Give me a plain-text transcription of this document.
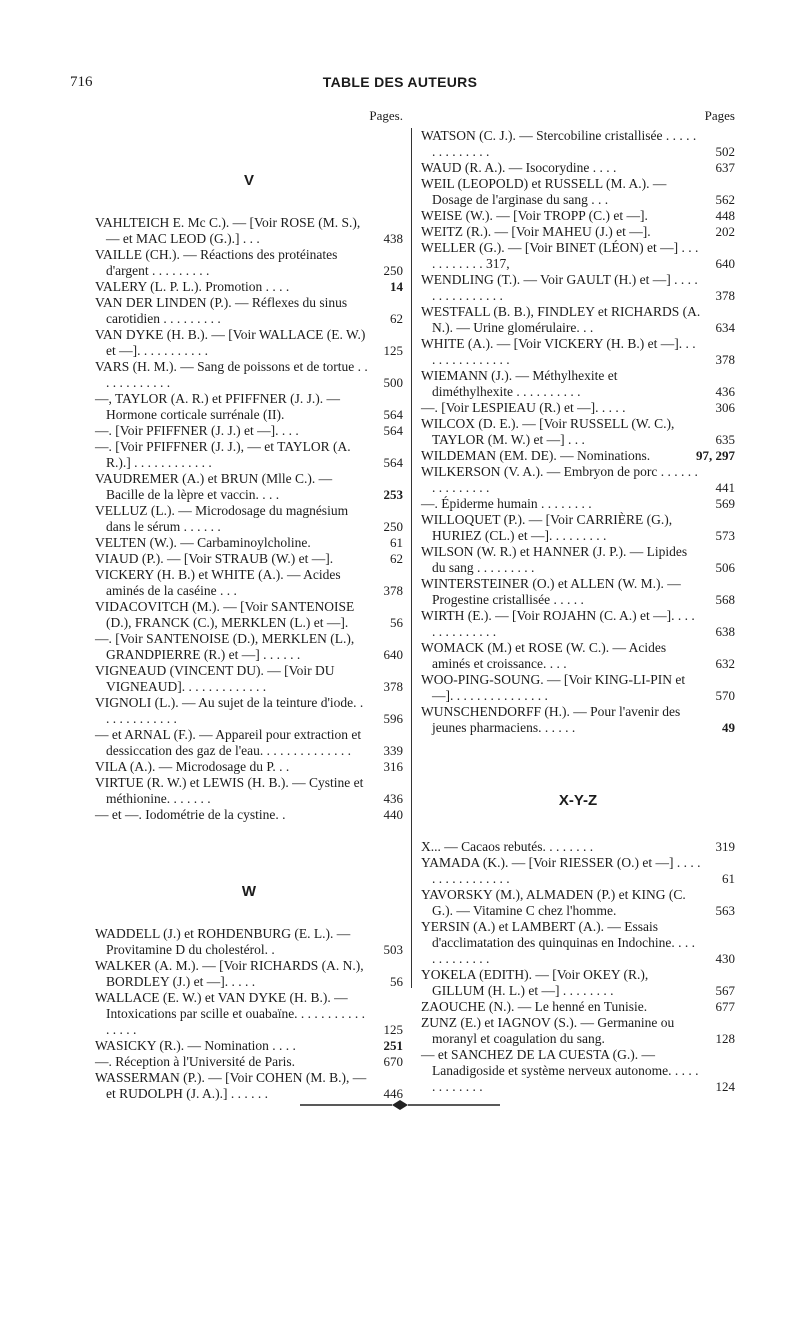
716	TABLE DES AUTEURS
Pages.
V
VAHLTEICH E. Mc C.). — [Voir ROSE (M. S.), — et MAC LEOD (G.).] . . .	438
VAILLE (CH.). — Réactions des protéinates d'argent . . . . . . . . .	250
VALERY (L. P. L.). Promotion . . . .	14
VAN DER LINDEN (P.). — Réflexes du sinus carotidien . . . . . . . . .	62
VAN DYKE (H. B.). — [Voir WALLACE (E. W.) et —]. . . . . . . . . . .	125
VARS (H. M.). — Sang de poissons et de tortue . . . . . . . . . . . .	500
—, TAYLOR (A. R.) et PFIFFNER (J. J.). — Hormone corticale surrénale (II).	564
—. [Voir PFIFFNER (J. J.) et —]. . . .	564
—. [Voir PFIFFNER (J. J.), — et TAYLOR (A. R.).] . . . . . . . . . . . .	564
VAUDREMER (A.) et BRUN (Mlle C.). — Bacille de la lèpre et vaccin. . . .	253
VELLUZ (L.). — Microdosage du magnésium dans le sérum . . . . . .	250
VELTEN (W.). — Carbaminoylcholine.	61
VIAUD (P.). — [Voir STRAUB (W.) et —].	62
VICKERY (H. B.) et WHITE (A.). — Acides aminés de la caséine . . .	378
VIDACOVITCH (M.). — [Voir SANTENOISE (D.), FRANCK (C.), MERKLEN (L.) et —].	56
—. [Voir SANTENOISE (D.), MERKLEN (L.), GRANDPIERRE (R.) et —] . . . . . .	640
VIGNEAUD (VINCENT DU). — [Voir DU VIGNEAUD]. . . . . . . . . . . . .	378
VIGNOLI (L.). — Au sujet de la teinture d'iode. . . . . . . . . . . . .	596
— et ARNAL (F.). — Appareil pour extraction et dessiccation des gaz de l'eau. . . . . . . . . . . . . .	339
VILA (A.). — Microdosage du P. . .	316
VIRTUE (R. W.) et LEWIS (H. B.). — Cystine et méthionine. . . . . . .	436
— et —. Iodométrie de la cystine. .	440
W
WADDELL (J.) et ROHDENBURG (E. L.). — Provitamine D du cholestérol. .	503
WALKER (A. M.). — [Voir RICHARDS (A. N.), BORDLEY (J.) et —]. . . . .	56
WALLACE (E. W.) et VAN DYKE (H. B.). — Intoxications par scille et ouabaïne. . . . . . . . . . . . . . . .	125
WASICKY (R.). — Nomination . . . .	251
—. Réception à l'Université de Paris.	670
WASSERMAN (P.). — [Voir COHEN (M. B.), — et RUDOLPH (J. A.).] . . . . . .	446
Pages
WATSON (C. J.). — Stercobiline cristallisée . . . . . . . . . . . . . .	502
WAUD (R. A.). — Isocorydine . . . .	637
WEIL (LEOPOLD) et RUSSELL (M. A.). — Dosage de l'arginase du sang . . .	562
WEISE (W.). — [Voir TROPP (C.) et —].	448
WEITZ (R.). — [Voir MAHEU (J.) et —].	202
WELLER (G.). — [Voir BINET (LÉON) et —] . . . . . . . . . . . 317,	640
WENDLING (T.). — Voir GAULT (H.) et —] . . . . . . . . . . . . . . .	378
WESTFALL (B. B.), FINDLEY et RICHARDS (A. N.). — Urine glomérulaire. . .	634
WHITE (A.). — [Voir VICKERY (H. B.) et —]. . . . . . . . . . . . . . .	378
WIEMANN (J.). — Méthylhexite et diméthylhexite . . . . . . . . . .	436
—. [Voir LESPIEAU (R.) et —]. . . . .	306
WILCOX (D. E.). — [Voir RUSSELL (W. C.), TAYLOR (M. W.) et —] . . .	635
WILDEMAN (EM. DE). — Nominations.	97, 297
WILKERSON (V. A.). — Embryon de porc . . . . . . . . . . . . . . .	441
—. Épiderme humain . . . . . . . .	569
WILLOQUET (P.). — [Voir CARRIÈRE (G.), HURIEZ (CL.) et —]. . . . . . . . .	573
WILSON (W. R.) et HANNER (J. P.). — Lipides du sang . . . . . . . . .	506
WINTERSTEINER (O.) et ALLEN (W. M.). — Progestine cristallisée . . . . .	568
WIRTH (E.). — [Voir ROJAHN (C. A.) et —]. . . . . . . . . . . . . .	638
WOMACK (M.) et ROSE (W. C.). — Acides aminés et croissance. . . .	632
WOO-PING-SOUNG. — [Voir KING-LI-PIN et —]. . . . . . . . . . . . . . .	570
WUNSCHENDORFF (H.). — Pour l'avenir des jeunes pharmaciens. . . . . .	49
X-Y-Z
X... — Cacaos rebutés. . . . . . . .	319
YAMADA (K.). — [Voir RIESSER (O.) et —] . . . . . . . . . . . . . . . .	61
YAVORSKY (M.), ALMADEN (P.) et KING (C. G.). — Vitamine C chez l'homme.	563
YERSIN (A.) et LAMBERT (A.). — Essais d'acclimatation des quinquinas en Indochine. . . . . . . . . . . . .	430
YOKELA (EDITH). — [Voir OKEY (R.), GILLUM (H. L.) et —] . . . . . . . .	567
ZAOUCHE (N.). — Le henné en Tunisie.	677
ZUNZ (E.) et IAGNOV (S.). — Germanine ou moranyl et coagulation du sang.	128
— et SANCHEZ DE LA CUESTA (G.). — Lanadigoside et système nerveux autonome. . . . . . . . . . . . .	124
